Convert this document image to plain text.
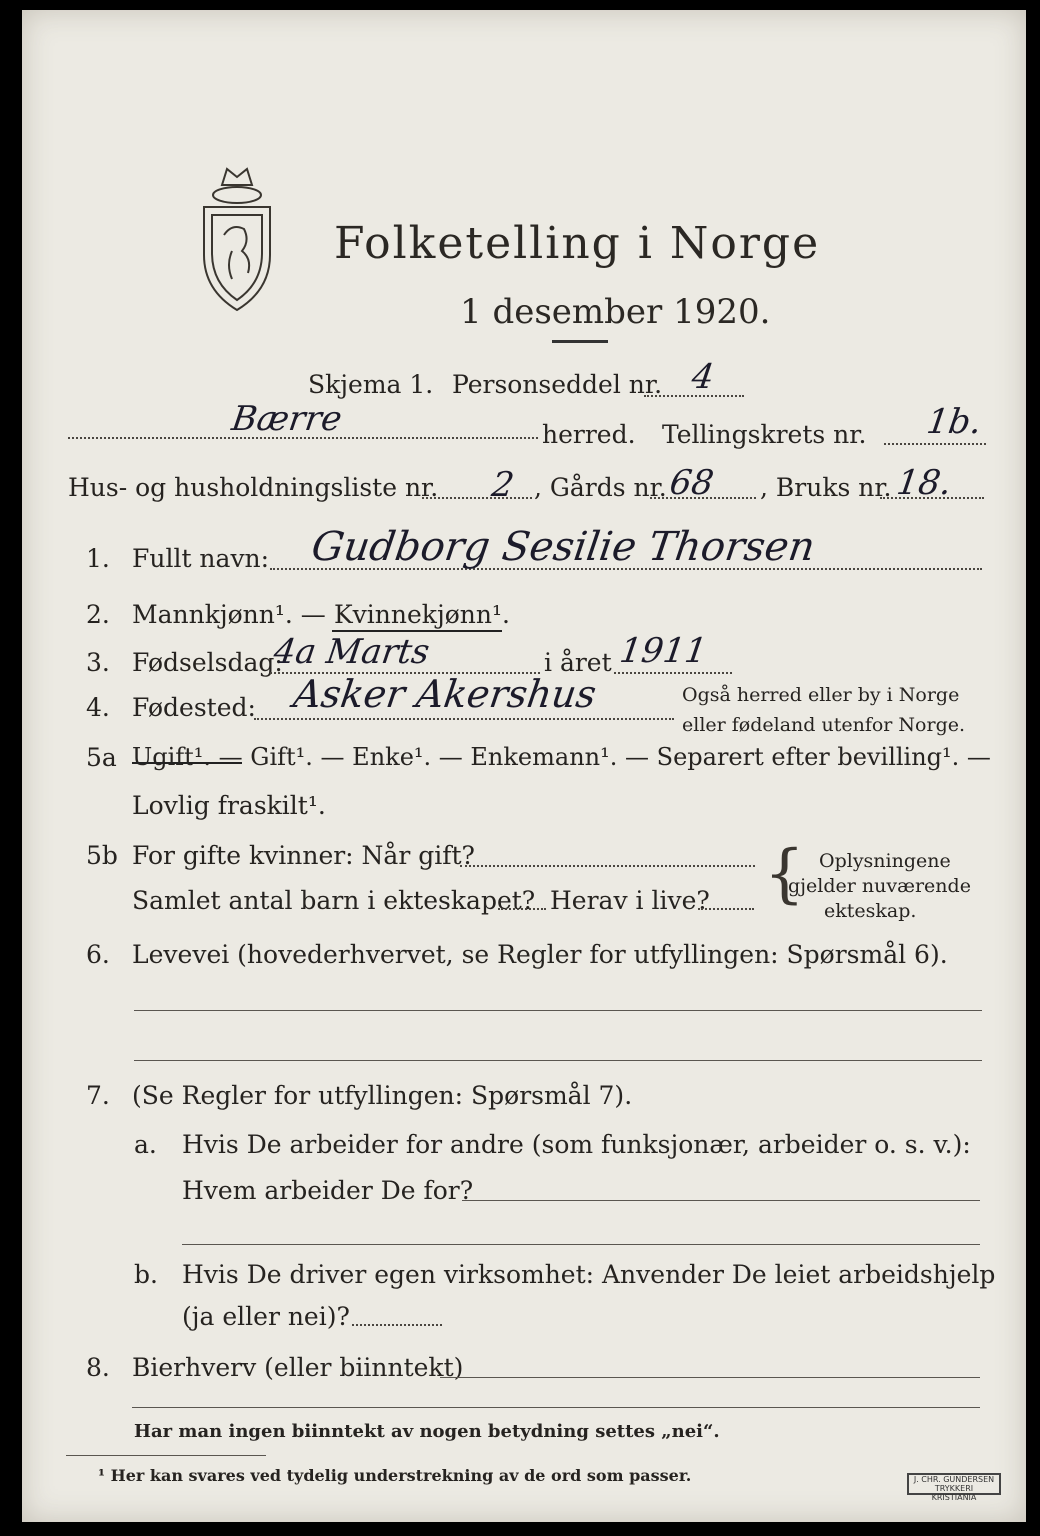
Folketelling i Norge
1 desember 1920.
Skjema 1. Personseddel nr. 4
Bærre	herred. Tellingskrets nr. 1b.
Hus- og husholdningsliste nr. 2 , Gårds nr. 68 , Bruks nr. 18.
1. Fullt navn: Gudborg Sesilie Thorsen
2. Mannkjønn¹. — Kvinnekjønn¹.
3. Fødselsdag:
4a Marts	i året 1911
4. Fødested: Asker Akershus	Også herred eller by i Norge
eller fødeland utenfor Norge.
5a Ugift¹. — Gift¹. — Enke¹. — Enkemann¹. — Separert efter bevilling¹. —
Lovlig fraskilt¹.
5b For gifte kvinner: Når gift?
Samlet antal barn i ekteskapet? Herav i live? { Oplysningene
gjelder nuværende
ekteskap.
6. Levevei (hovederhvervet, se Regler for utfyllingen: Spørsmål 6).
7. (Se Regler for utfyllingen: Spørsmål 7).
a. Hvis De arbeider for andre (som funksjonær, arbeider o. s. v.):
Hvem arbeider De for?
b. Hvis De driver egen virksomhet: Anvender De leiet arbeidshjelp
(ja eller nei)?
8. Bierhverv (eller biinntekt)
Har man ingen biinntekt av nogen betydning settes „nei“.
¹ Her kan svares ved tydelig understrekning av de ord som passer.	J. CHR. GUNDERSEN TRYKKERI
KRISTIANIA
